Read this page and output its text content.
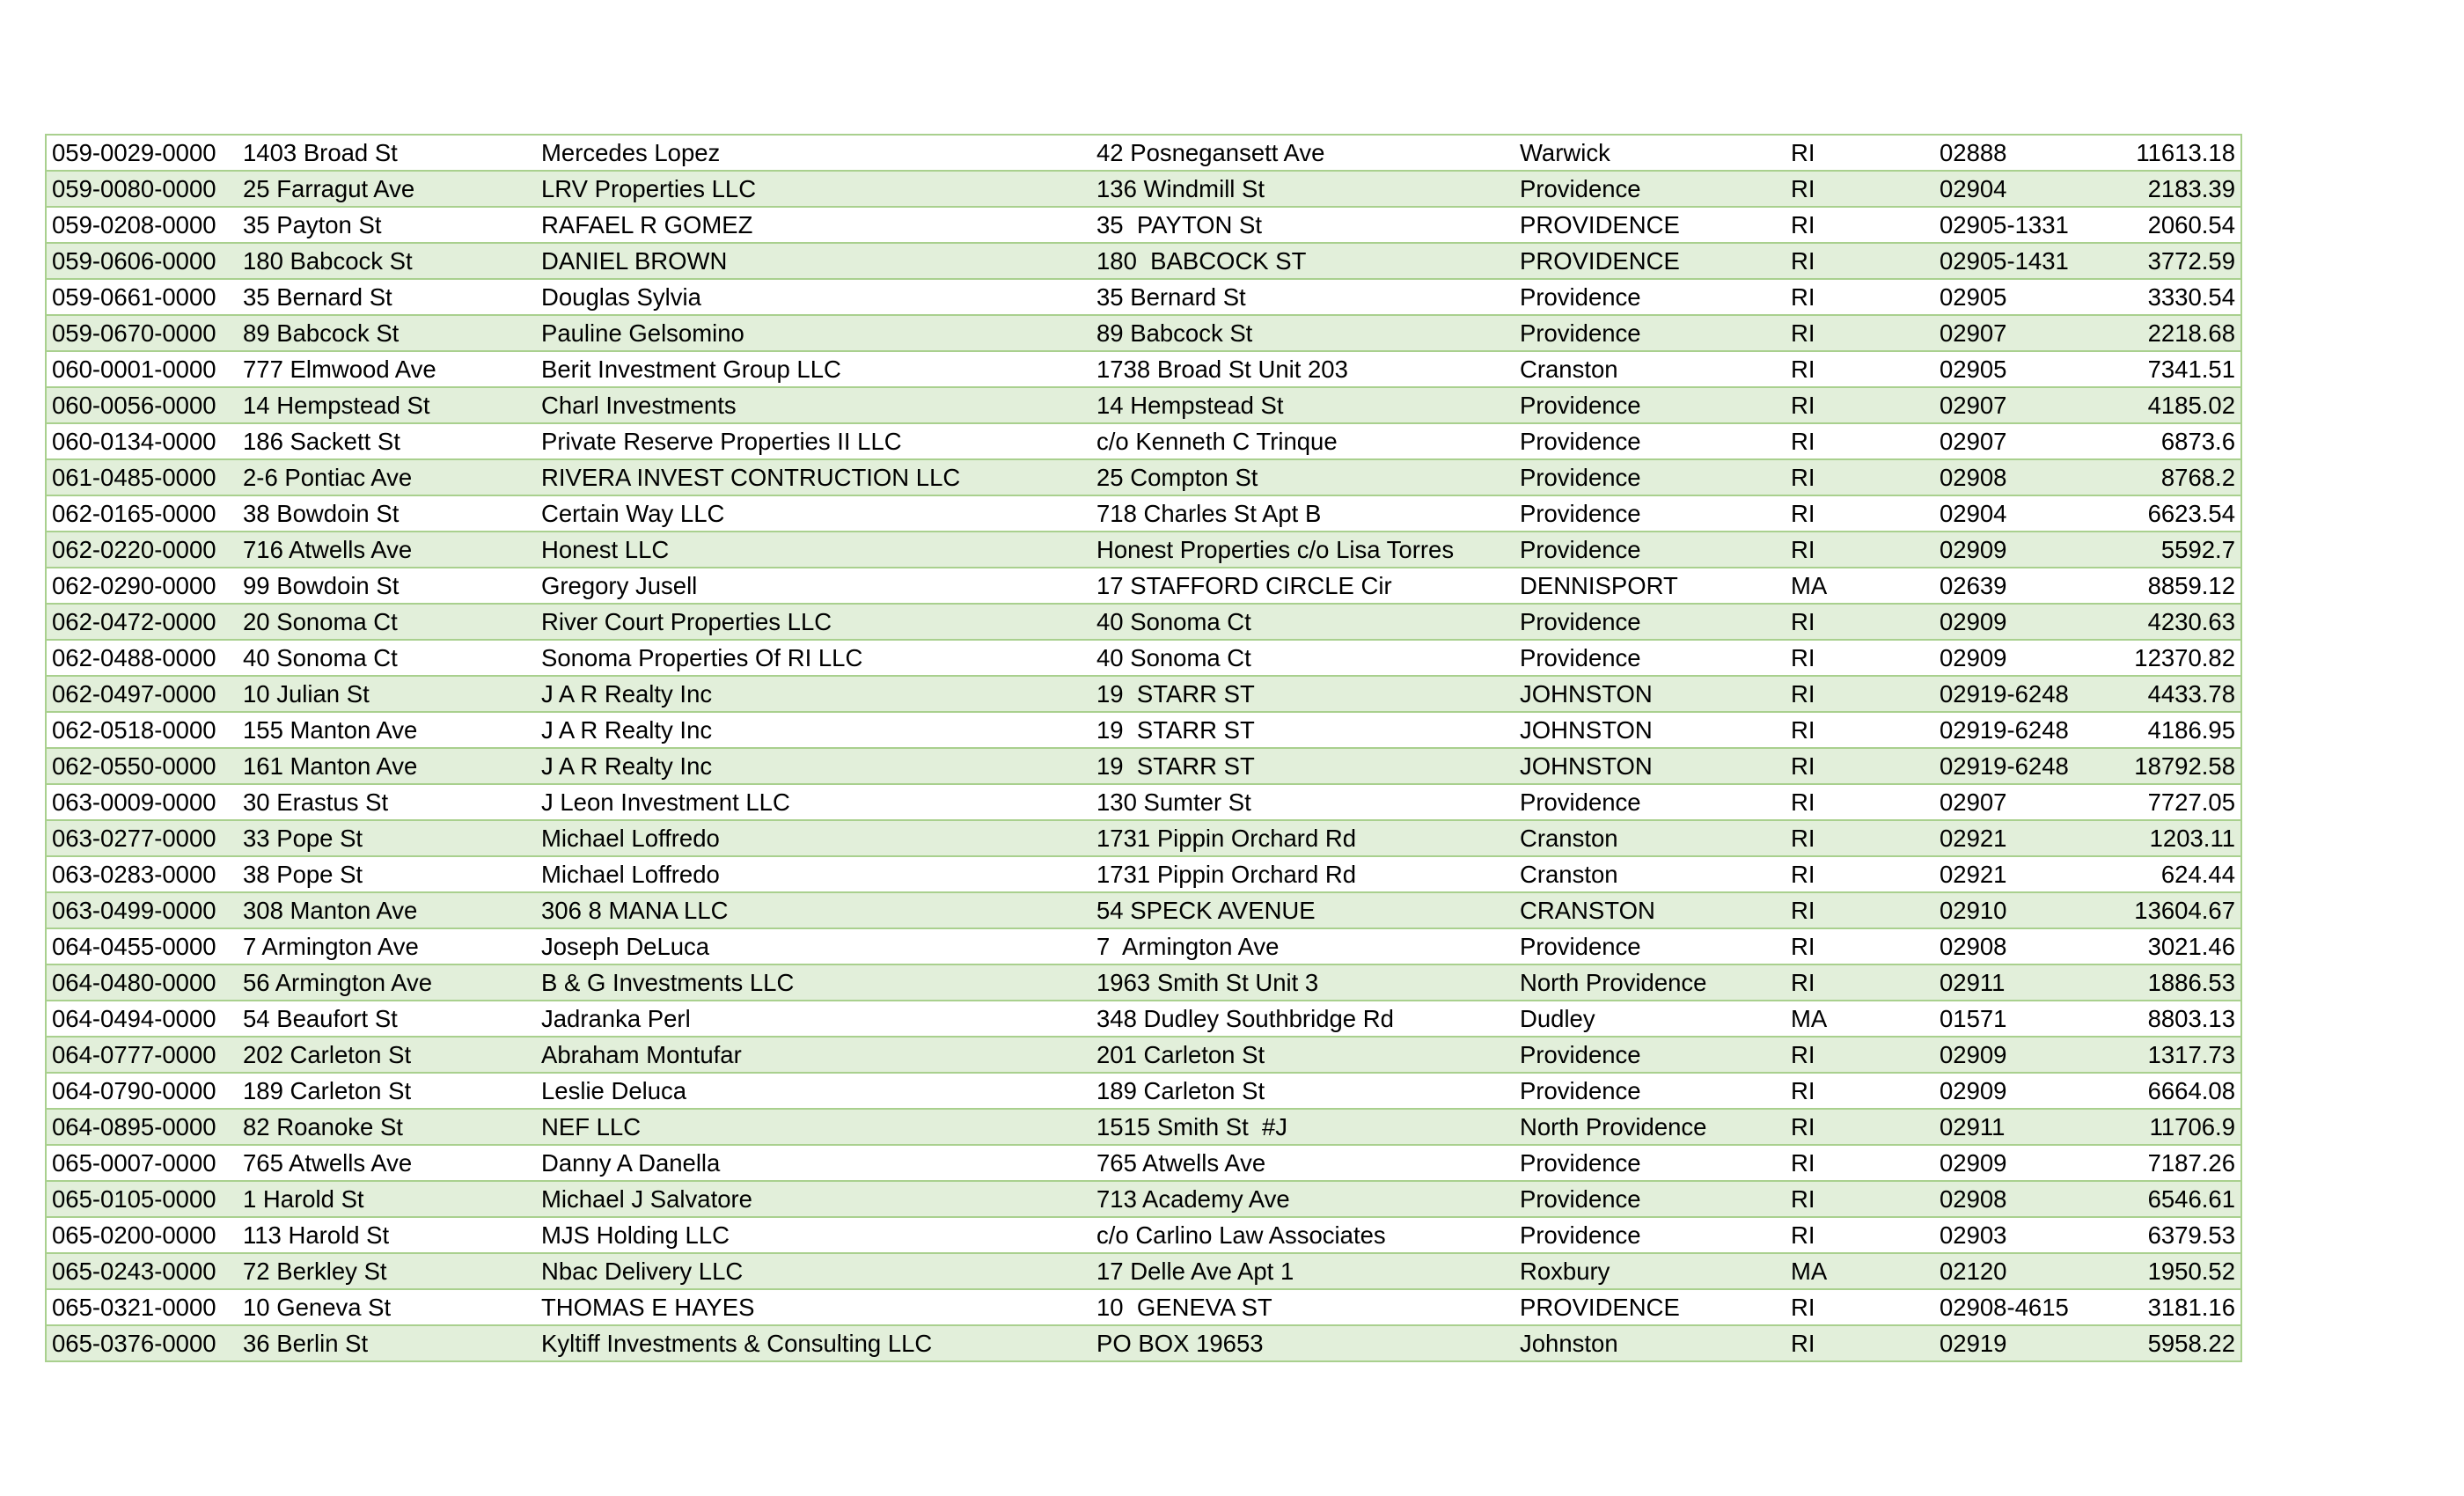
059-0029-0000	1403 Broad St	Mercedes Lopez	42 Posnegansett Ave	Warwick	RI	02888	11613.18
059-0080-0000	25 Farragut Ave	LRV Properties LLC	136 Windmill St	Providence	RI	02904	2183.39
059-0208-0000	35 Payton St	RAFAEL R GOMEZ	35  PAYTON St	PROVIDENCE	RI	02905-1331	2060.54
059-0606-0000	180 Babcock St	DANIEL BROWN	180  BABCOCK ST	PROVIDENCE	RI	02905-1431	3772.59
059-0661-0000	35 Bernard St	Douglas Sylvia	35 Bernard St	Providence	RI	02905	3330.54
059-0670-0000	89 Babcock St	Pauline Gelsomino	89 Babcock St	Providence	RI	02907	2218.68
060-0001-0000	777 Elmwood Ave	Berit Investment Group LLC	1738 Broad St Unit 203	Cranston	RI	02905	7341.51
060-0056-0000	14 Hempstead St	Charl Investments	14 Hempstead St	Providence	RI	02907	4185.02
060-0134-0000	186 Sackett St	Private Reserve Properties II LLC	c/o Kenneth C Trinque	Providence	RI	02907	6873.6
061-0485-0000	2-6 Pontiac Ave	RIVERA INVEST CONTRUCTION LLC	25 Compton St	Providence	RI	02908	8768.2
062-0165-0000	38 Bowdoin St	Certain Way LLC	718 Charles St Apt B	Providence	RI	02904	6623.54
062-0220-0000	716 Atwells Ave	Honest LLC	Honest Properties c/o Lisa Torres	Providence	RI	02909	5592.7
062-0290-0000	99 Bowdoin St	Gregory Jusell	17 STAFFORD CIRCLE Cir	DENNISPORT	MA	02639	8859.12
062-0472-0000	20 Sonoma Ct	River Court Properties LLC	40 Sonoma Ct	Providence	RI	02909	4230.63
062-0488-0000	40 Sonoma Ct	Sonoma Properties Of RI LLC	40 Sonoma Ct	Providence	RI	02909	12370.82
062-0497-0000	10 Julian St	J A R Realty Inc	19  STARR ST	JOHNSTON	RI	02919-6248	4433.78
062-0518-0000	155 Manton Ave	J A R Realty Inc	19  STARR ST	JOHNSTON	RI	02919-6248	4186.95
062-0550-0000	161 Manton Ave	J A R Realty Inc	19  STARR ST	JOHNSTON	RI	02919-6248	18792.58
063-0009-0000	30 Erastus St	J Leon Investment LLC	130 Sumter St	Providence	RI	02907	7727.05
063-0277-0000	33 Pope St	Michael Loffredo	1731 Pippin Orchard Rd	Cranston	RI	02921	1203.11
063-0283-0000	38 Pope St	Michael Loffredo	1731 Pippin Orchard Rd	Cranston	RI	02921	624.44
063-0499-0000	308 Manton Ave	306 8 MANA LLC	54 SPECK AVENUE	CRANSTON	RI	02910	13604.67
064-0455-0000	7 Armington Ave	Joseph DeLuca	7  Armington Ave	Providence	RI	02908	3021.46
064-0480-0000	56 Armington Ave	B & G Investments LLC	1963 Smith St Unit 3	North Providence	RI	02911	1886.53
064-0494-0000	54 Beaufort St	Jadranka Perl	348 Dudley Southbridge Rd	Dudley	MA	01571	8803.13
064-0777-0000	202 Carleton St	Abraham Montufar	201 Carleton St	Providence	RI	02909	1317.73
064-0790-0000	189 Carleton St	Leslie Deluca	189 Carleton St	Providence	RI	02909	6664.08
064-0895-0000	82 Roanoke St	NEF LLC	1515 Smith St  #J	North Providence	RI	02911	11706.9
065-0007-0000	765 Atwells Ave	Danny A Danella	765 Atwells Ave	Providence	RI	02909	7187.26
065-0105-0000	1 Harold St	Michael J Salvatore	713 Academy Ave	Providence	RI	02908	6546.61
065-0200-0000	113 Harold St	MJS Holding LLC	c/o Carlino Law Associates	Providence	RI	02903	6379.53
065-0243-0000	72 Berkley St	Nbac Delivery LLC	17 Delle Ave Apt 1	Roxbury	MA	02120	1950.52
065-0321-0000	10 Geneva St	THOMAS E HAYES	10  GENEVA ST	PROVIDENCE	RI	02908-4615	3181.16
065-0376-0000	36 Berlin St	Kyltiff Investments & Consulting LLC	PO BOX 19653	Johnston	RI	02919	5958.22
